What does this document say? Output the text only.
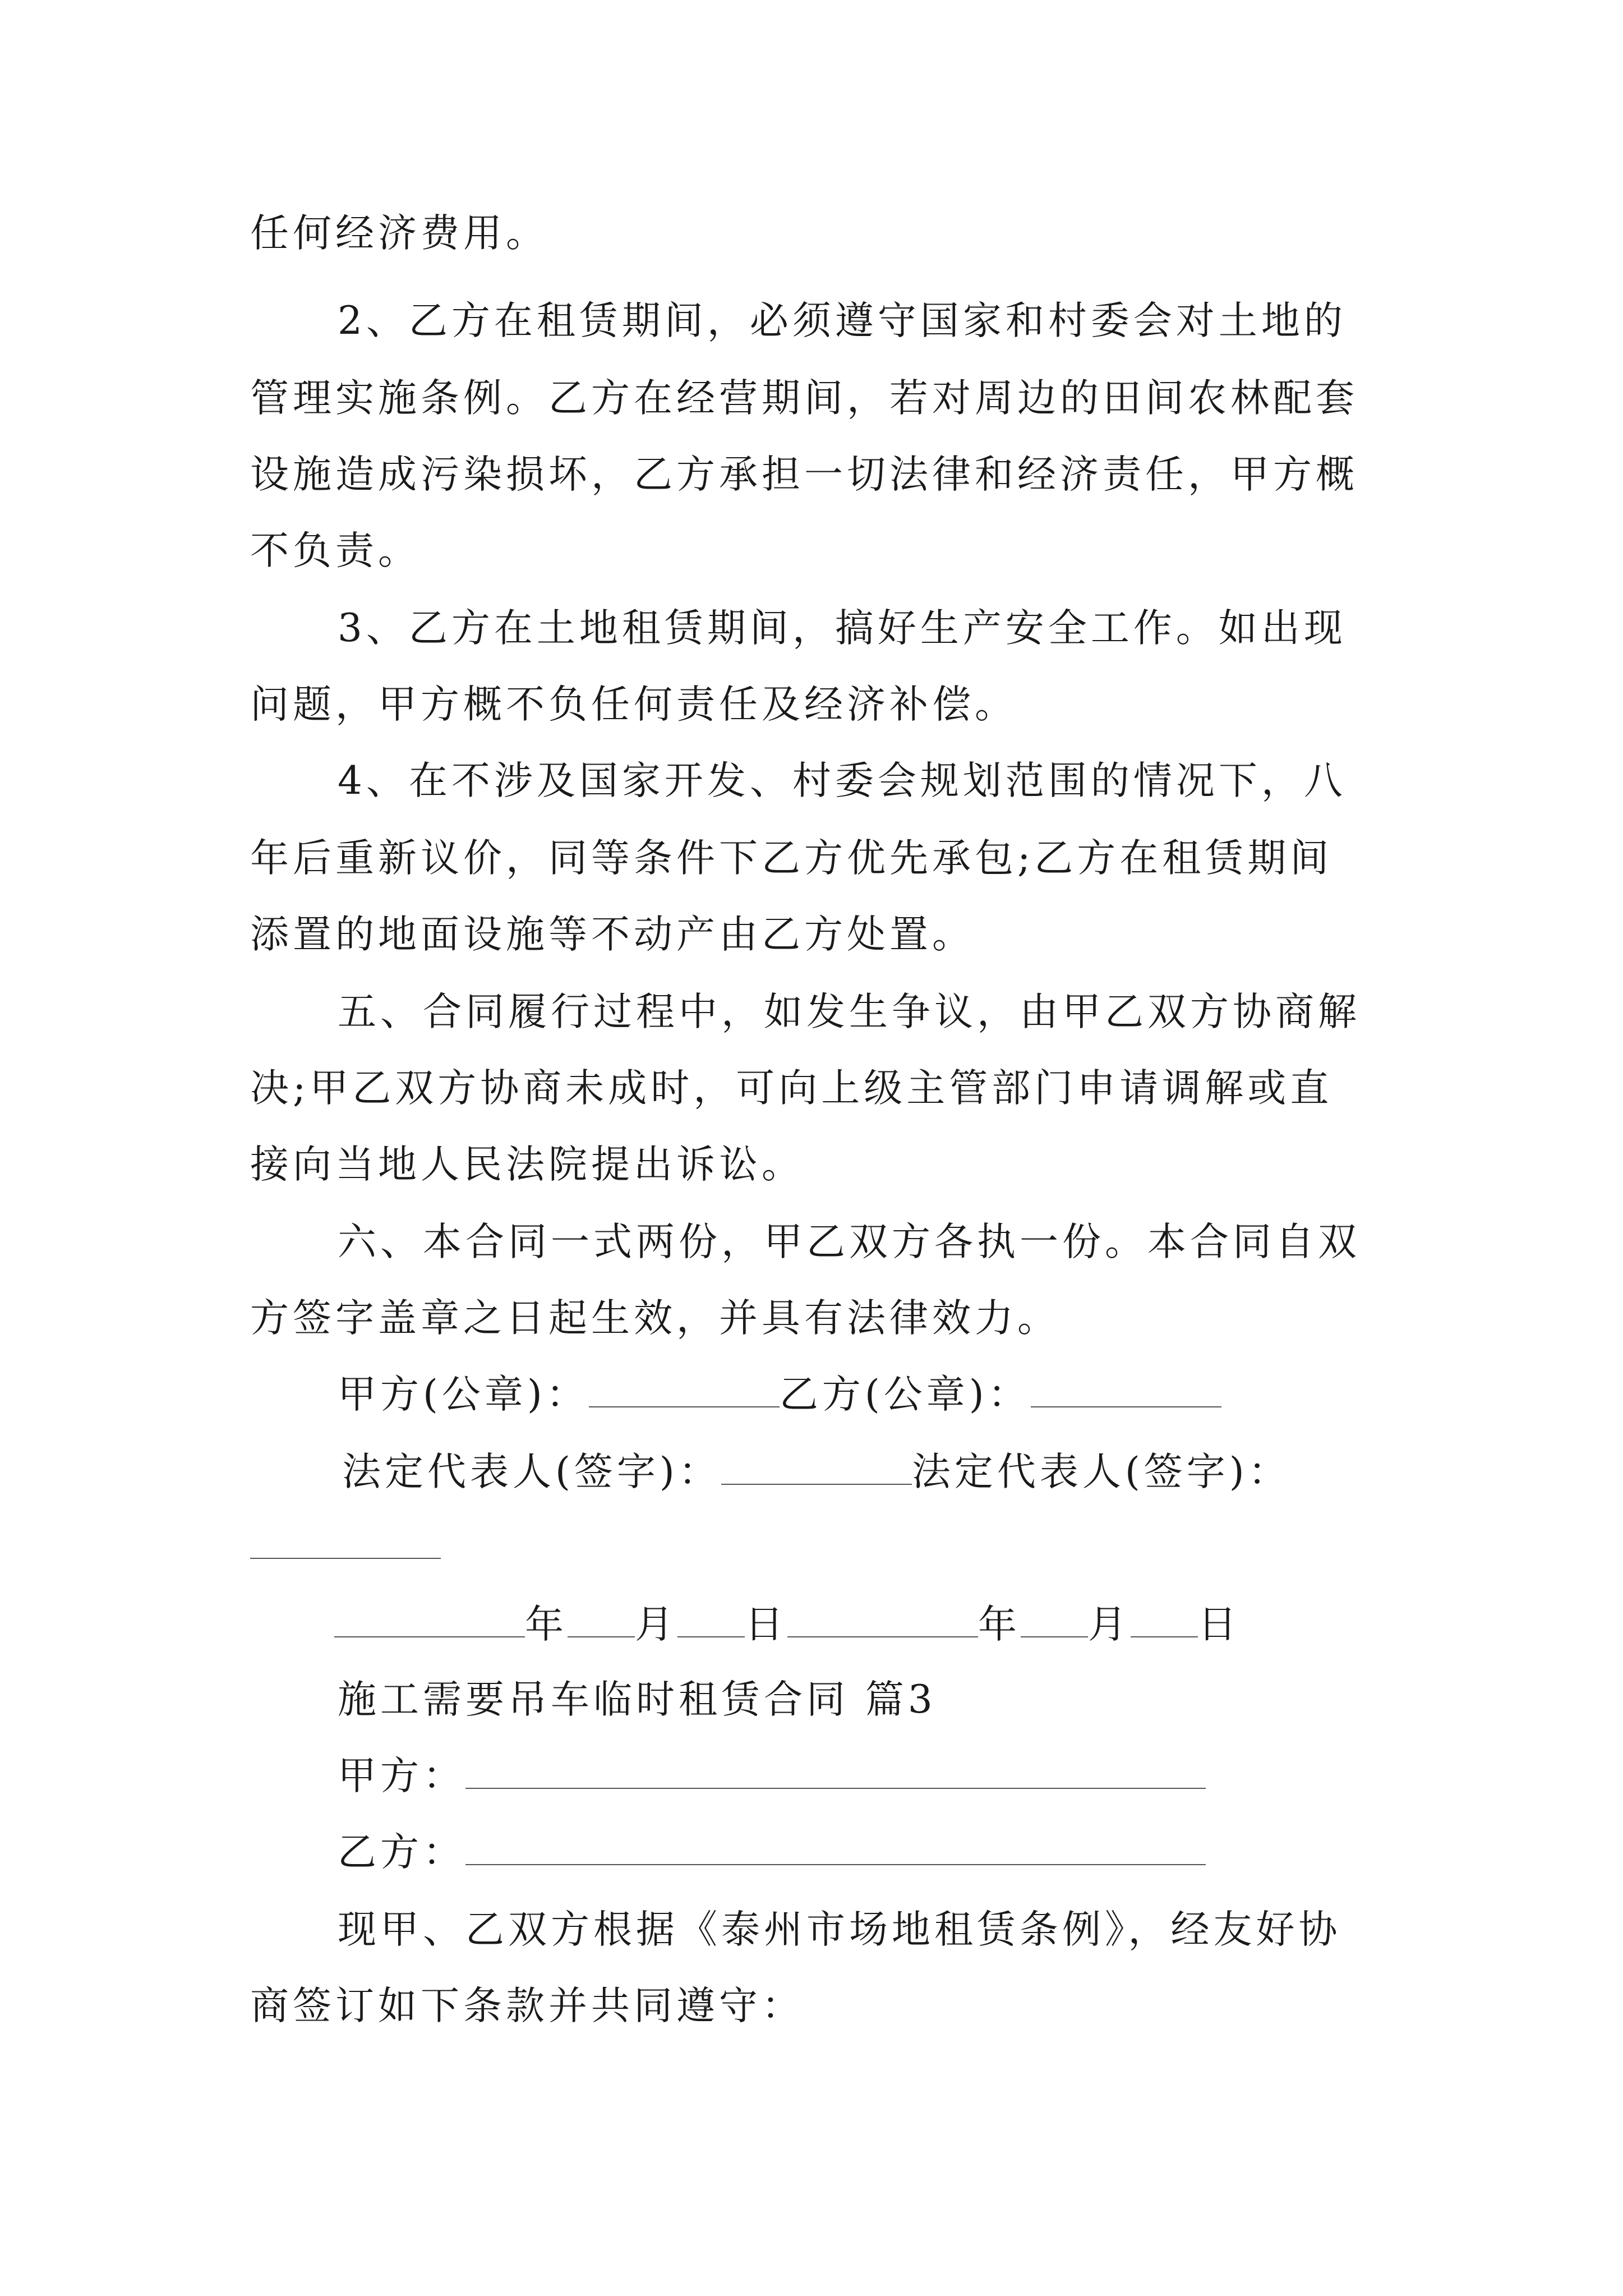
任何经济费用。
2、乙方在租赁期间，必须遵守国家和村委会对土地的
管理实施条例。乙方在经营期间，若对周边的田间农林配套
设施造成污染损坏，乙方承担一切法律和经济责任，甲方概
不负责。
3、乙方在土地租赁期间，搞好生产安全工作。如出现
问题，甲方概不负任何责任及经济补偿。
4、在不涉及国家开发、村委会规划范围的情况下，八
年后重新议价，同等条件下乙方优先承包;乙方在租赁期间
添置的地面设施等不动产由乙方处置。
五、合同履行过程中，如发生争议，由甲乙双方协商解
决;甲乙双方协商未成时，可向上级主管部门申请调解或直
接向当地人民法院提出诉讼。
六、本合同一式两份，甲乙双方各执一份。本合同自双
方签字盖章之日起生效，并具有法律效力。
甲方(公章)：	乙方(公章)：
法定代表人(签字)：	法定代表人(签字)：
年 月 日	年 月 日
施工需要吊车临时租赁合同 篇3
甲方：
乙方：
现甲、乙双方根据《泰州市场地租赁条例》，经友好协
商签订如下条款并共同遵守：
